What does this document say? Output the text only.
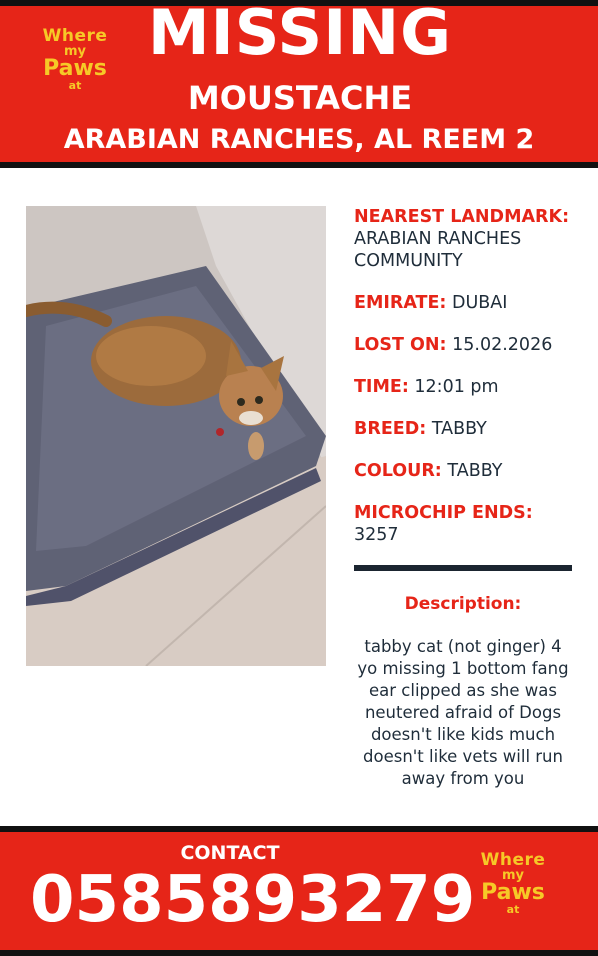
Where
my
Paws
at
MISSING
MOUSTACHE
ARABIAN RANCHES, AL REEM 2
NEAREST LANDMARK:
ARABIAN RANCHES COMMUNITY
EMIRATE: DUBAI
LOST ON: 15.02.2026
TIME: 12:01 pm
BREED: TABBY
COLOUR: TABBY
MICROCHIP ENDS:
3257
Description:
tabby cat (not ginger) 4 yo missing 1 bottom fang ear clipped as she was neutered afraid of Dogs doesn't like kids much doesn't like vets will run away from you
CONTACT
0585893279
Where
my
Paws
at
